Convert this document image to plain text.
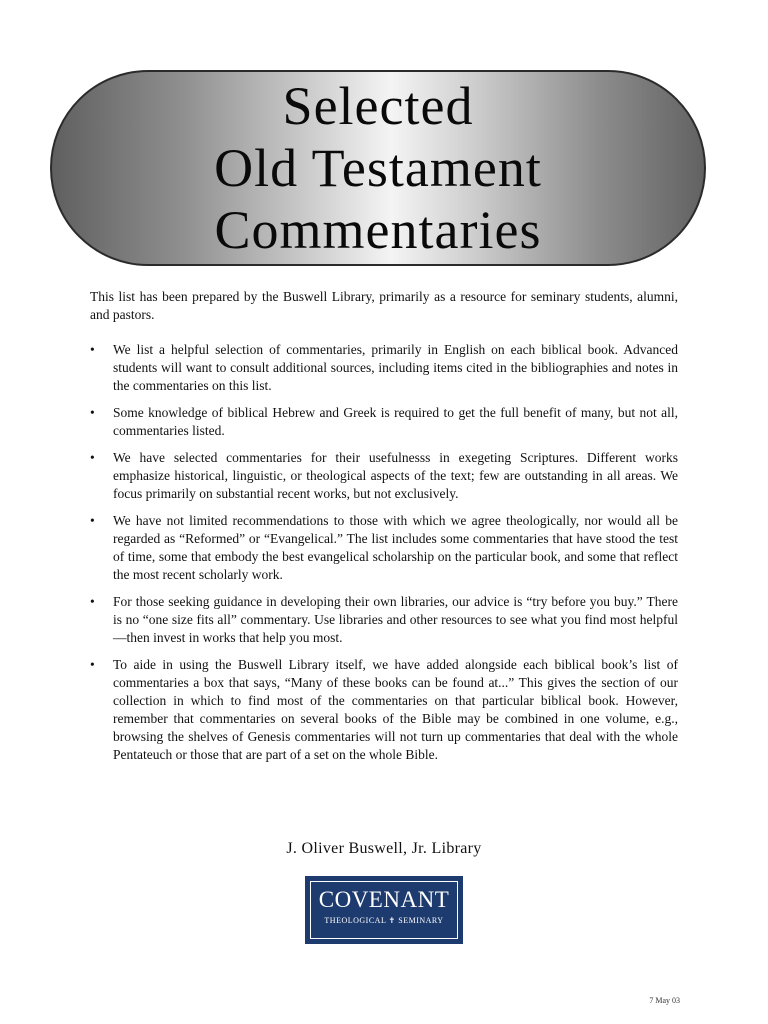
Selected
Old Testament
Commentaries

This list has been prepared by the Buswell Library, primarily as a resource for seminary students, alumni, and pastors.

• We list a helpful selection of commentaries, primarily in English on each biblical book. Advanced students will want to consult additional sources, including items cited in the bibliographies and notes in the commentaries on this list.
• Some knowledge of biblical Hebrew and Greek is required to get the full benefit of many, but not all, commentaries listed.
• We have selected commentaries for their usefulnesss in exegeting Scriptures. Different works emphasize historical, linguistic, or theological aspects of the text; few are outstanding in all areas. We focus primarily on substantial recent works, but not exclusively.
• We have not limited recommendations to those with which we agree theologically, nor would all be regarded as “Reformed” or “Evangelical.” The list includes some commentaries that have stood the test of time, some that embody the best evangelical scholarship on the particular book, and some that reflect the most recent scholarly work.
• For those seeking guidance in developing their own libraries, our advice is “try before you buy.” There is no “one size fits all” commentary. Use libraries and other resources to see what you find most helpful—then invest in works that help you most.
• To aide in using the Buswell Library itself, we have added alongside each biblical book’s list of commentaries a box that says, “Many of these books can be found at...” This gives the section of our collection in which to find most of the commentaries on that particular biblical book. However, remember that commentaries on several books of the Bible may be combined in one volume, e.g., browsing the shelves of Genesis commentaries will not turn up commentaries that deal with the whole Pentateuch or those that are part of a set on the whole Bible.
J. Oliver Buswell, Jr. Library
COVENANT
THEOLOGICAL ✝ SEMINARY
7 May 03
